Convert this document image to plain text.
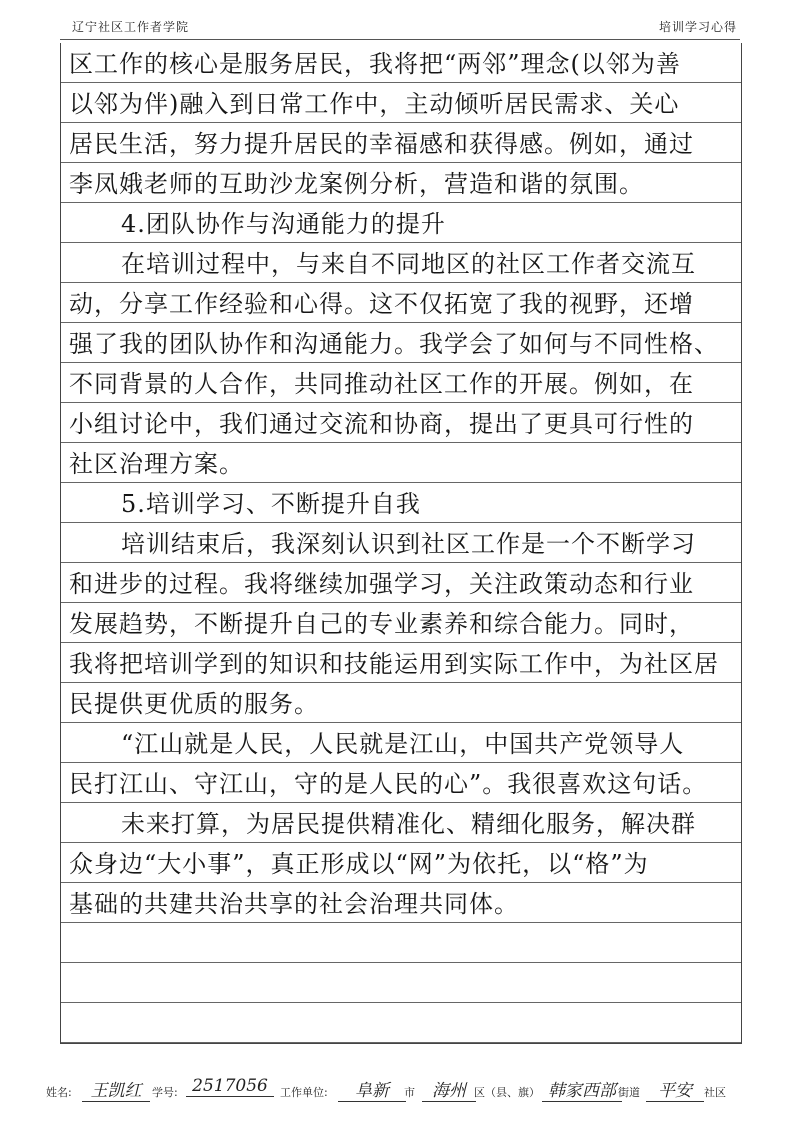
辽宁社区工作者学院	培训学习心得
区工作的核心是服务居民，我将把“两邻”理念(以邻为善
以邻为伴)融入到日常工作中，主动倾听居民需求、关心
居民生活，努力提升居民的幸福感和获得感。例如，通过
李凤娥老师的互助沙龙案例分析，营造和谐的氛围。
4.团队协作与沟通能力的提升
在培训过程中，与来自不同地区的社区工作者交流互
动，分享工作经验和心得。这不仅拓宽了我的视野，还增
强了我的团队协作和沟通能力。我学会了如何与不同性格、
不同背景的人合作，共同推动社区工作的开展。例如，在
小组讨论中，我们通过交流和协商，提出了更具可行性的
社区治理方案。
5.培训学习、不断提升自我
培训结束后，我深刻认识到社区工作是一个不断学习
和进步的过程。我将继续加强学习，关注政策动态和行业
发展趋势，不断提升自己的专业素养和综合能力。同时，
我将把培训学到的知识和技能运用到实际工作中，为社区居
民提供更优质的服务。
“江山就是人民，人民就是江山，中国共产党领导人
民打江山、守江山，守的是人民的心”。我很喜欢这句话。
未来打算，为居民提供精准化、精细化服务，解决群
众身边“大小事”，真正形成以“网”为依托，以“格”为
基础的共建共治共享的社会治理共同体。
姓名:	王凯红 学号: 2517056	工作单位:	阜新	市	海州 区（县、旗） 韩家西部 街道	平安	社区
